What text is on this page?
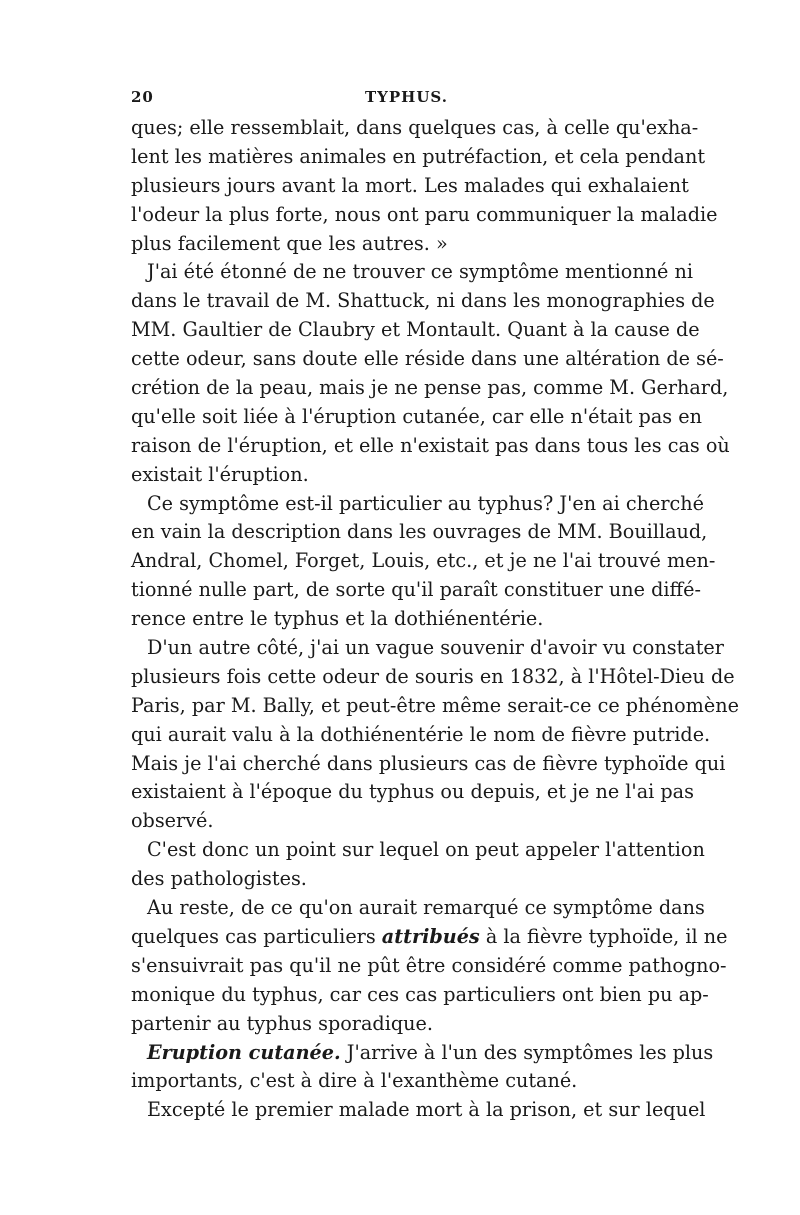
20	TYPHUS.
ques; elle ressemblait, dans quelques cas, à celle qu'exha-
lent les matières animales en putréfaction, et cela pendant
plusieurs jours avant la mort. Les malades qui exhalaient
l'odeur la plus forte, nous ont paru communiquer la maladie
plus facilement que les autres. »
J'ai été étonné de ne trouver ce symptôme mentionné ni
dans le travail de M. Shattuck, ni dans les monographies de
MM. Gaultier de Claubry et Montault. Quant à la cause de
cette odeur, sans doute elle réside dans une altération de sé-
crétion de la peau, mais je ne pense pas, comme M. Gerhard,
qu'elle soit liée à l'éruption cutanée, car elle n'était pas en
raison de l'éruption, et elle n'existait pas dans tous les cas où
existait l'éruption.
Ce symptôme est-il particulier au typhus? J'en ai cherché
en vain la description dans les ouvrages de MM. Bouillaud,
Andral, Chomel, Forget, Louis, etc., et je ne l'ai trouvé men-
tionné nulle part, de sorte qu'il paraît constituer une diffé-
rence entre le typhus et la dothiénentérie.
D'un autre côté, j'ai un vague souvenir d'avoir vu constater
plusieurs fois cette odeur de souris en 1832, à l'Hôtel-Dieu de
Paris, par M. Bally, et peut-être même serait-ce ce phénomène
qui aurait valu à la dothiénentérie le nom de fièvre putride.
Mais je l'ai cherché dans plusieurs cas de fièvre typhoïde qui
existaient à l'époque du typhus ou depuis, et je ne l'ai pas
observé.
C'est donc un point sur lequel on peut appeler l'attention
des pathologistes.
Au reste, de ce qu'on aurait remarqué ce symptôme dans
quelques cas particuliers attribués à la fièvre typhoïde, il ne
s'ensuivrait pas qu'il ne pût être considéré comme pathogno-
monique du typhus, car ces cas particuliers ont bien pu ap-
partenir au typhus sporadique.
Eruption cutanée. J'arrive à l'un des symptômes les plus
importants, c'est à dire à l'exanthème cutané.
Excepté le premier malade mort à la prison, et sur lequel
